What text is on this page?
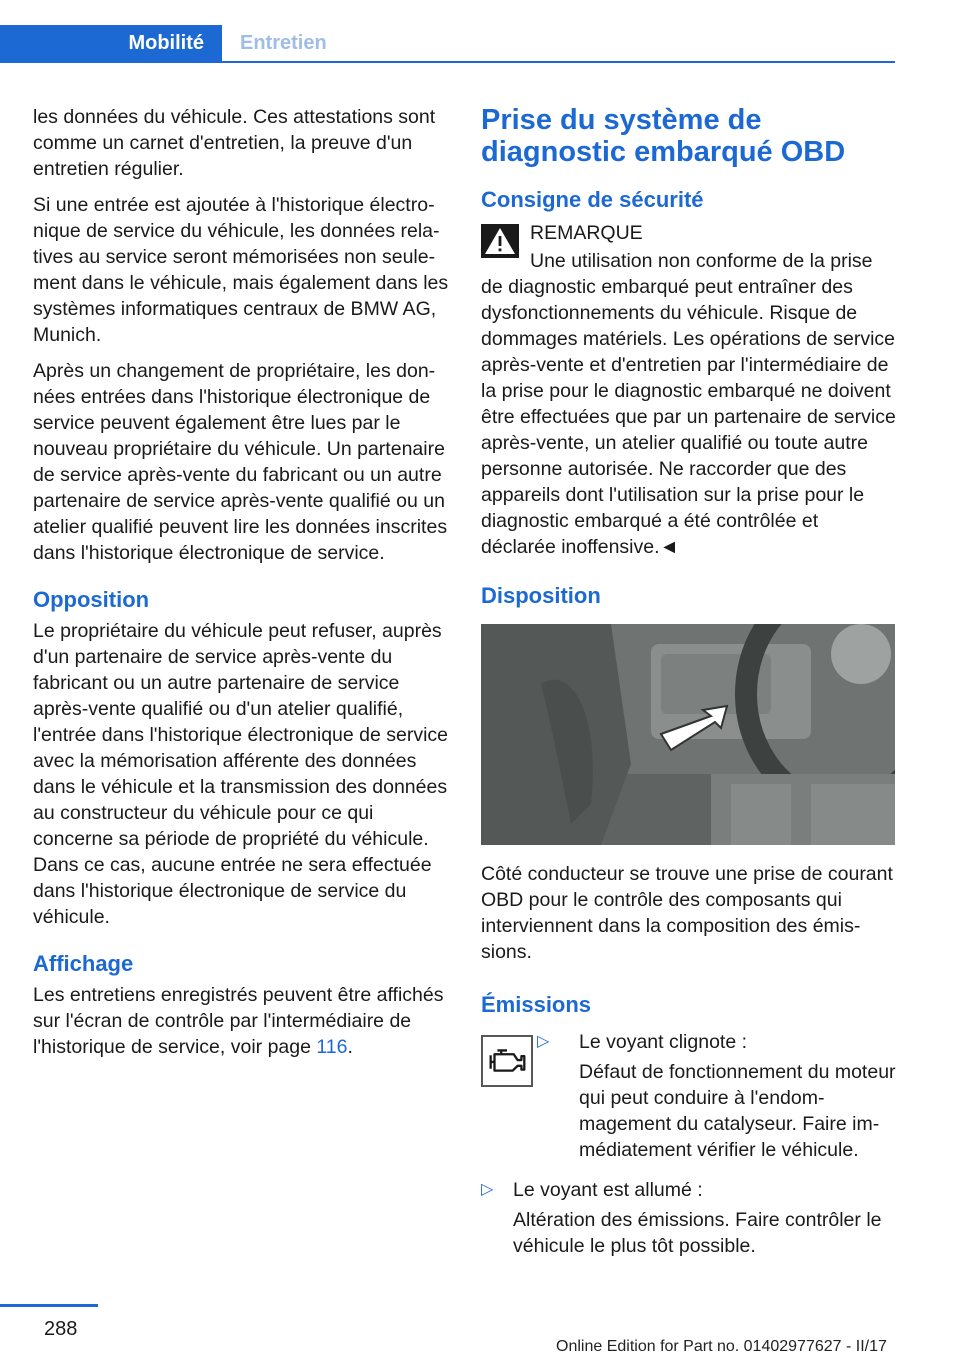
Mobilité	Entretien

les données du véhicule. Ces attestations sont comme un carnet d'entretien, la preuve d'un entretien régulier.

Si une entrée est ajoutée à l'historique électronique de service du véhicule, les données relatives au service seront mémorisées non seulement dans le véhicule, mais également dans les systèmes informatiques centraux de BMW AG, Munich.

Après un changement de propriétaire, les données entrées dans l'historique électronique de service peuvent également être lues par le nouveau propriétaire du véhicule. Un partenaire de service après-vente du fabricant ou un autre partenaire de service après-vente qualifié ou un atelier qualifié peuvent lire les données inscrites dans l'historique électronique de service.

Opposition

Le propriétaire du véhicule peut refuser, auprès d'un partenaire de service après-vente du fabricant ou un autre partenaire de service après-vente qualifié ou d'un atelier qualifié, l'entrée dans l'historique électronique de service avec la mémorisation afférente des données dans le véhicule et la transmission des données au constructeur du véhicule pour ce qui concerne sa période de propriété du véhicule. Dans ce cas, aucune entrée ne sera effectuée dans l'historique électronique de service du véhicule.

Affichage

Les entretiens enregistrés peuvent être affichés sur l'écran de contrôle par l'intermédiaire de l'historique de service, voir page 116.

Prise du système de diagnostic embarqué OBD
Consigne de sécurité
REMARQUE

Une utilisation non conforme de la prise

de diagnostic embarqué peut entraîner des dysfonctionnements du véhicule. Risque de dommages matériels. Les opérations de service après-vente et d'entretien par l'intermédiaire de la prise pour le diagnostic embarqué ne doivent être effectuées que par un partenaire de service après-vente, un atelier qualifié ou toute autre personne autorisée. Ne raccorder que des appareils dont l'utilisation sur la prise pour le diagnostic embarqué a été contrôlée et déclarée inoffensive.◄

Disposition

Côté conducteur se trouve une prise de courant OBD pour le contrôle des composants qui interviennent dans la composition des émissions.

Émissions
▷ Le voyant clignote :
Défaut de fonctionnement du moteur qui peut conduire à l'endommagement du catalyseur. Faire immédiatement vérifier le véhicule.
▷ Le voyant est allumé :
Altération des émissions. Faire contrôler le véhicule le plus tôt possible.
288
Online Edition for Part no. 01402977627 - II/17
